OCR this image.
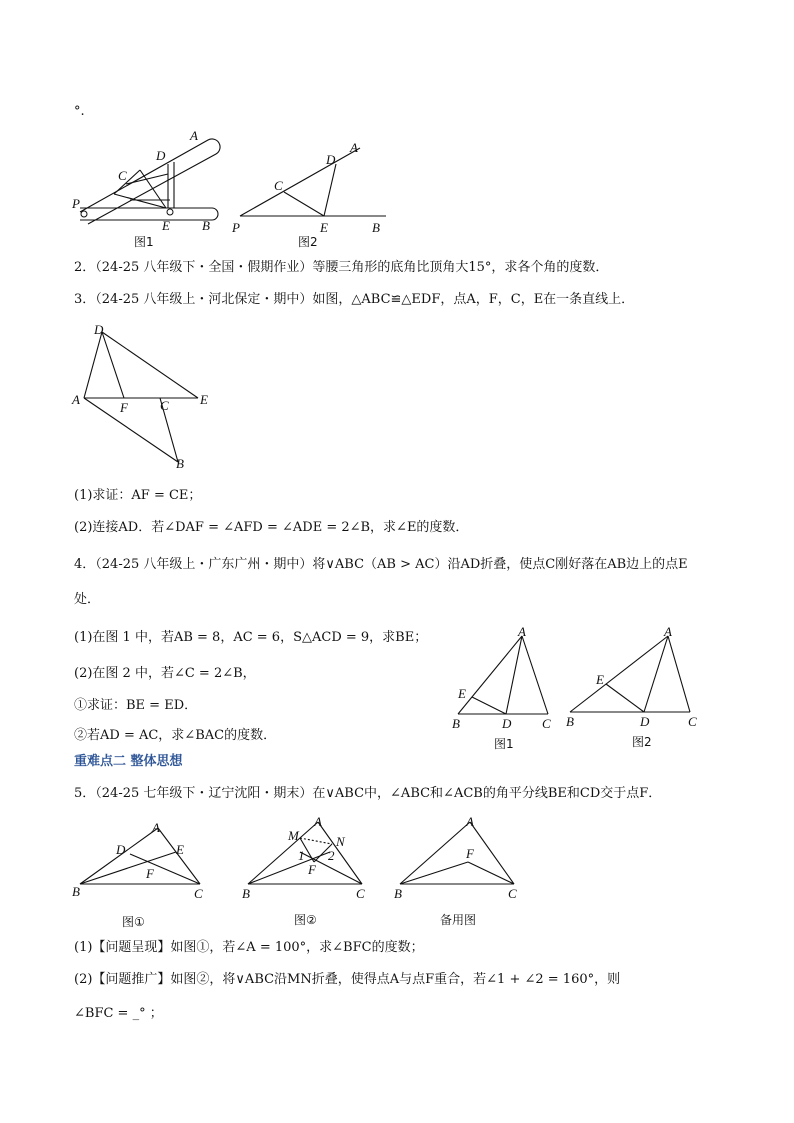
°.
A
D
C
P
E B
图1
A
D
C
P	E	B
图2
2．（24-25 八年级下・全国・假期作业）等腰三角形的底角比顶角大15°，求各个角的度数．
3．（24-25 八年级上・河北保定・期中）如图，△ABC≌△EDF，点A，F，C，E在一条直线上．
D
A
F C E
B
(1)求证：AF = CE；
(2)连接AD．若∠DAF = ∠AFD = ∠ADE = 2∠B，求∠E的度数．
4．（24-25 八年级上・广东广州・期中）将∨ABC（AB > AC）沿AD折叠，使点C刚好落在AB边上的点E
处．
(1)在图 1 中，若AB = 8，AC = 6，S△ACD = 9，求BE；
(2)在图 2 中，若∠C = 2∠B，
①求证：BE = ED．
②若AD = AC，求∠BAC的度数．
A
E
B	D C
图1
A
E
B	D	C
图2
重难点二 整体思想
5．（24-25 七年级下・辽宁沈阳・期末）在∨ABC中，∠ABC和∠ACB的角平分线BE和CD交于点F．
A
D	E
F
B	C
图①
A
M	N
1 2
F
B	C
图②
A
F
B	C
备用图
(1)【问题呈现】如图①，若∠A = 100°，求∠BFC的度数；
(2)【问题推广】如图②，将∨ABC沿MN折叠，使得点A与点F重合，若∠1 + ∠2 = 160°，则
∠BFC = _° ；
